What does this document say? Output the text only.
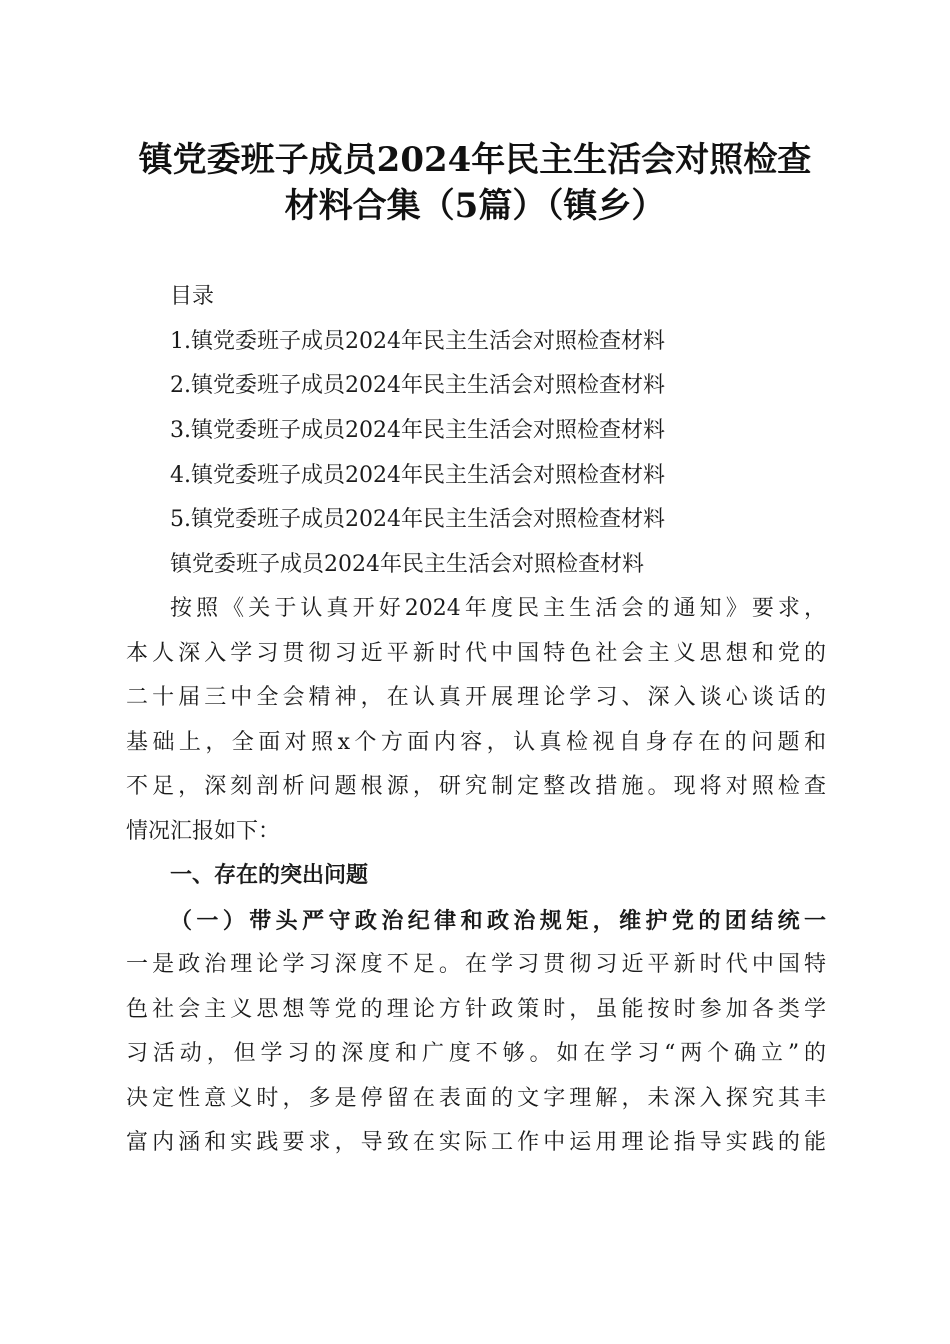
镇党委班子成员2024年民主生活会对照检查
材料合集（5篇）（镇乡）
目录
1.镇党委班子成员2024年民主生活会对照检查材料
2.镇党委班子成员2024年民主生活会对照检查材料
3.镇党委班子成员2024年民主生活会对照检查材料
4.镇党委班子成员2024年民主生活会对照检查材料
5.镇党委班子成员2024年民主生活会对照检查材料
镇党委班子成员2024年民主生活会对照检查材料
按照《关于认真开好2024年度民主生活会的通知》要求，
本人深入学习贯彻习近平新时代中国特色社会主义思想和党的
二十届三中全会精神，在认真开展理论学习、深入谈心谈话的
基础上，全面对照x个方面内容，认真检视自身存在的问题和
不足，深刻剖析问题根源，研究制定整改措施。现将对照检查
情况汇报如下：
一、存在的突出问题
（一）带头严守政治纪律和政治规矩，维护党的团结统一
一是政治理论学习深度不足。在学习贯彻习近平新时代中国特
色社会主义思想等党的理论方针政策时，虽能按时参加各类学
习活动，但学习的深度和广度不够。如在学习“两个确立”的
决定性意义时，多是停留在表面的文字理解，未深入探究其丰
富内涵和实践要求，导致在实际工作中运用理论指导实践的能
